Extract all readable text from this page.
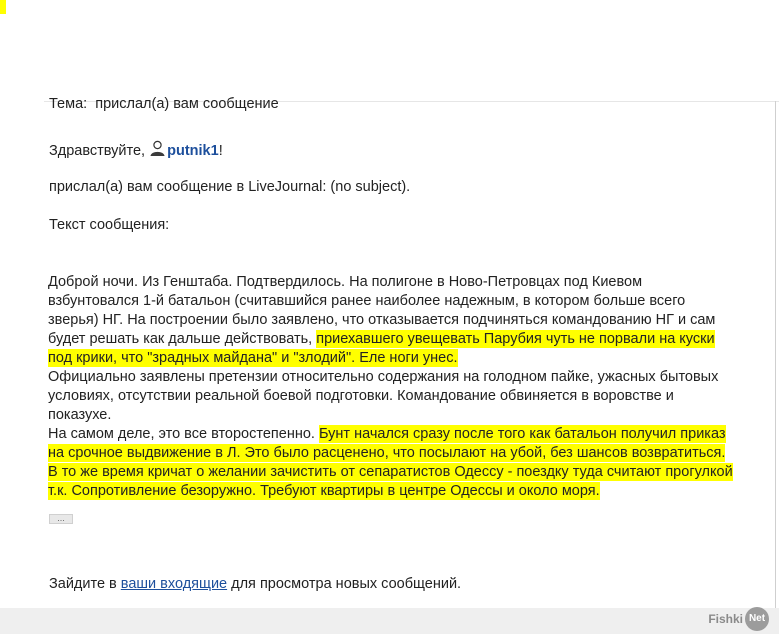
Тема: прислал(а) вам сообщение
Здравствуйте, putnik1!
прислал(а) вам сообщение в LiveJournal: (no subject).
Текст сообщения:
Доброй ночи. Из Генштаба. Подтвердилось. На полигоне в Ново-Петровцах под Киевом
взбунтовался 1-й батальон (считавшийся ранее наиболее надежным, в котором больше всего
зверья) НГ. На построении было заявлено, что отказывается подчиняться командованию НГ и сам
будет решать как дальше действовать, приехавшего увещевать Парубия чуть не порвали на куски
под крики, что "зрадных майдана" и "злодий". Еле ноги унес.
Официально заявлены претензии относительно содержания на голодном пайке, ужасных бытовых
условиях, отсутствии реальной боевой подготовки. Командование обвиняется в воровстве и
показухе.
На самом деле, это все второстепенно. Бунт начался сразу после того как батальон получил приказ
на срочное выдвижение в Л. Это было расценено, что посылают на убой, без шансов возвратиться.
В то же время кричат о желании зачистить от сепаратистов Одессу - поездку туда считают прогулкой
т.к. Сопротивление безоружно. Требуют квартиры в центре Одессы и около моря.
...
Зайдите в ваши входящие для просмотра новых сообщений.
Fishki Net
